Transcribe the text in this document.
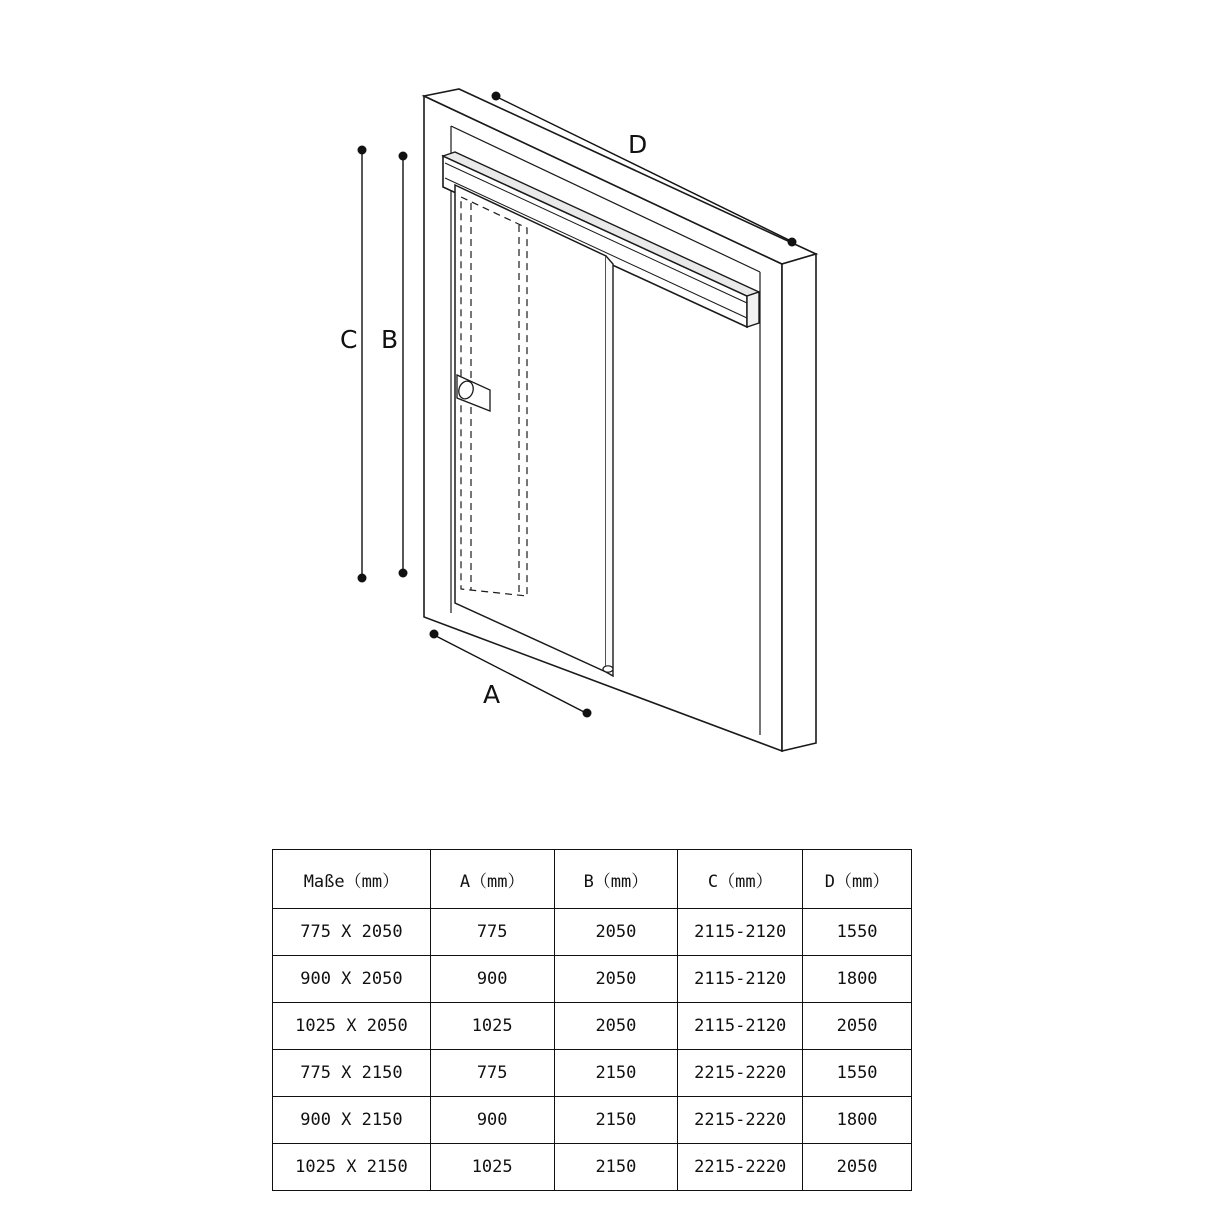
C B
A
D
Maße（mm）	A（mm）	B（mm）	C（mm）	D（mm）
775 X 2050	775	2050	2115-2120	1550
900 X 2050	900	2050	2115-2120	1800
1025 X 2050	1025	2050	2115-2120	2050
775 X 2150	775	2150	2215-2220	1550
900 X 2150	900	2150	2215-2220	1800
1025 X 2150	1025	2150	2215-2220	2050
